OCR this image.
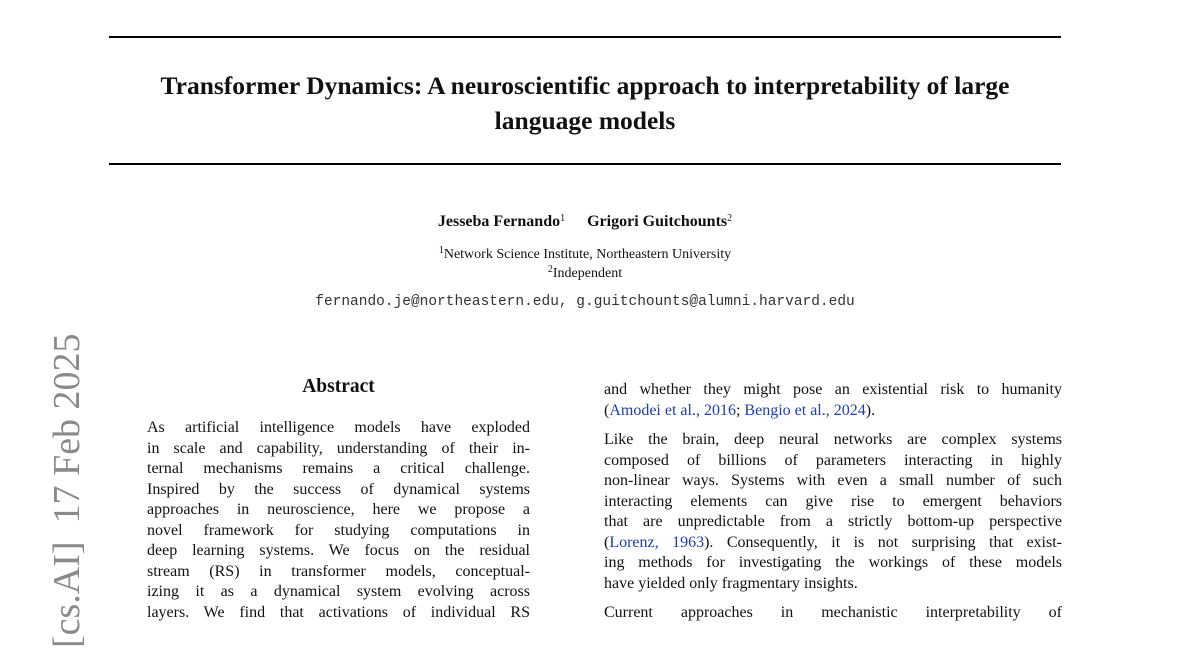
Transformer Dynamics: A neuroscientific approach to interpretability of large
language models
Jesseba Fernando$^1$ Grigori Guitchounts$^2$
$^1$Network Science Institute, Northeastern University
$^2$Independent
fernando.je@northeastern.edu, g.guitchounts@alumni.harvard.edu
[cs.AI]17 Feb 2025	Abstract
As artificial intelligence models have exploded
in scale and capability, understanding of their in-
ternal mechanisms remains a critical challenge.
Inspired by the success of dynamical systems
approaches in neuroscience, here we propose a
novel framework for studying computations in
deep learning systems. We focus on the residual
stream (RS) in transformer models, conceptual-
izing it as a dynamical system evolving across
layers. We find that activations of individual RS
and whether they might pose an existential risk to humanity
(Amodei et al., 2016; Bengio et al., 2024).
Like the brain, deep neural networks are complex systems
composed of billions of parameters interacting in highly
non-linear ways. Systems with even a small number of such
interacting elements can give rise to emergent behaviors
that are unpredictable from a strictly bottom-up perspective
(Lorenz, 1963). Consequently, it is not surprising that exist-
ing methods for investigating the workings of these models
have yielded only fragmentary insights.
Current approaches in mechanistic interpretability of
